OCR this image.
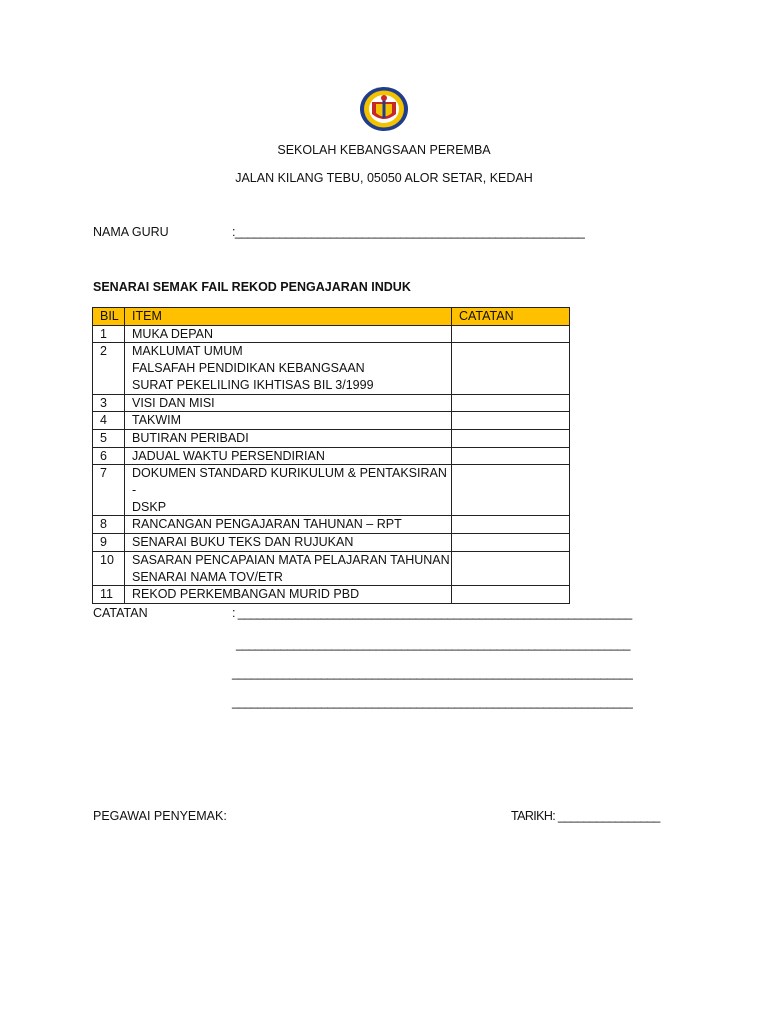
SEKOLAH KEBANGSAAN PEREMBA
JALAN KILANG TEBU, 05050 ALOR SETAR, KEDAH
NAMA GURU	:_______________________________________________________
SENARAI SEMAK FAIL REKOD PENGAJARAN INDUK
BIL	ITEM	CATATAN
1	MUKA DEPAN	

2	MAKLUMAT UMUM
FALSAFAH PENDIDIKAN KEBANGSAAN
SURAT PEKELILING IKHTISAS BIL 3/1999	

3	VISI DAN MISI	

4	TAKWIM	

5	BUTIRAN PERIBADI	

6	JADUAL WAKTU PERSENDIRIAN	

7	DOKUMEN STANDARD KURIKULUM & PENTAKSIRAN -
DSKP	

8	RANCANGAN PENGAJARAN TAHUNAN – RPT	

9	SENARAI BUKU TEKS DAN RUJUKAN	

10	SASARAN PENCAPAIAN MATA PELAJARAN TAHUNAN
SENARAI NAMA TOV/ETR	

11	REKOD PERKEMBANGAN MURID PBD	

CATATAN	: ______________________________________________________________
______________________________________________________________
_______________________________________________________________
_______________________________________________________________
PEGAWAI PENYEMAK:	TARIKH: ________________
